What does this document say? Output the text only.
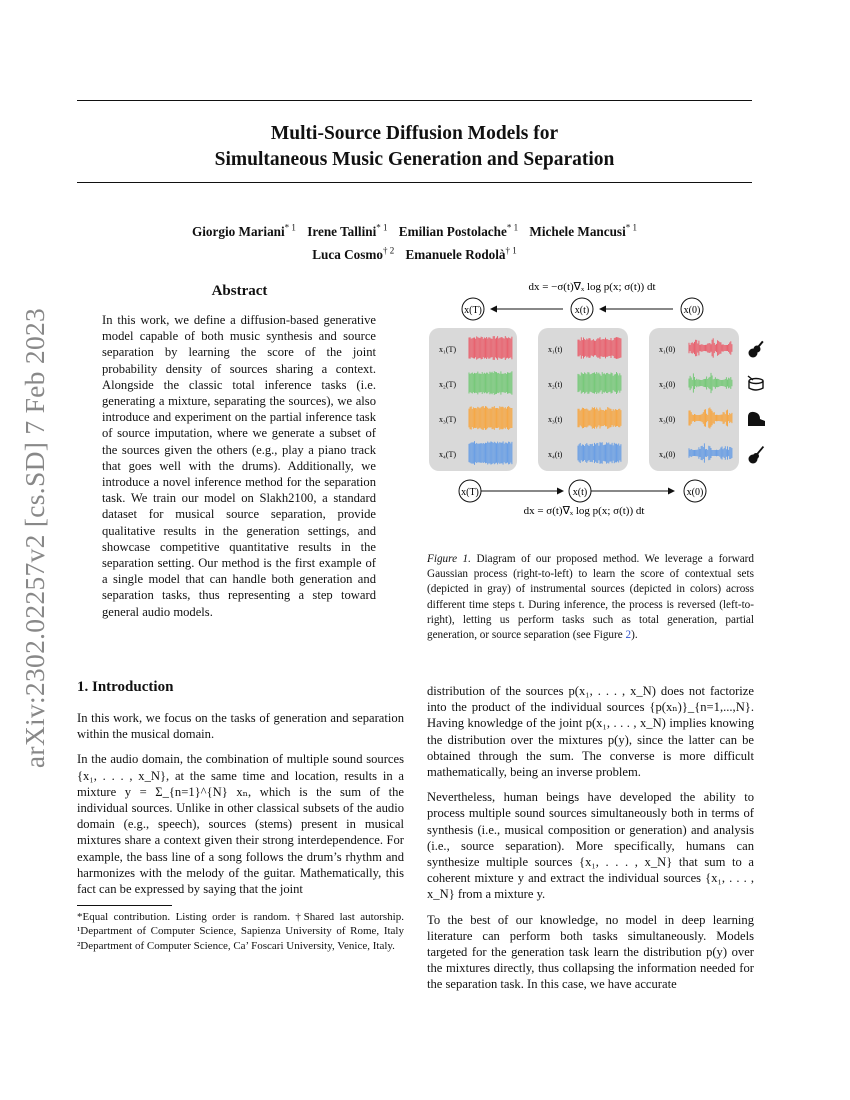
Multi-Source Diffusion Models for
Simultaneous Music Generation and Separation
Giorgio Mariani$^{* 1}$ Irene Tallini$^{* 1}$ Emilian Postolache$^{* 1}$ Michele Mancusi$^{* 1}$
Luca Cosmo$^{\dagger 2}$ Emanuele Rodolà$^{\dagger 1}$
arXiv:2302.02257v2 [cs.SD] 7 Feb 2023
Abstract
In this work, we define a diffusion-based generative model capable of both music synthesis and source separation by learning the score of the joint probability density of sources sharing a context. Alongside the classic total inference tasks (i.e. generating a mixture, separating the sources), we also introduce and experiment on the partial inference task of source imputation, where we generate a subset of the sources given the others (e.g., play a piano track that goes well with the drums). Additionally, we introduce a novel inference method for the separation task. We train our model on Slakh2100, a standard dataset for musical source separation, provide qualitative results in the generation settings, and showcase competitive quantitative results in the separation setting. Our method is the first example of a single model that can handle both generation and separation tasks, thus representing a step toward general audio models.
dx = −σ(t)∇ₓ log p(x; σ(t)) dt
x(T)	x(t)	x(0)
x₁(T)	x₁(t)	x₁(0)
x₂(T)	x₂(t)	x₂(0)
x₃(T)	x₃(t)	x₃(0)
x₄(T)	x₄(t)	x₄(0)
x(T)	x(t)	x(0)
dx = σ(t)∇ₓ log p(x; σ(t)) dt
Figure 1. Diagram of our proposed method. We leverage a forward Gaussian process (right-to-left) to learn the score of contextual sets (depicted in gray) of instrumental sources (depicted in colors) across different time steps t. During inference, the process is reversed (left-to-right), letting us perform tasks such as total generation, partial generation, or source separation (see Figure 2).
1. Introduction

In this work, we focus on the tasks of generation and separation within the musical domain.

In the audio domain, the combination of multiple sound sources {x₁, . . . , x_N}, at the same time and location, results in a mixture y = Σ_{n=1}^{N} xₙ, which is the sum of the individual sources. Unlike in other classical subsets of the audio domain (e.g., speech), sources (stems) present in musical mixtures share a context given their strong interdependence. For example, the bass line of a song follows the drum’s rhythm and harmonizes with the melody of the guitar. Mathematically, this fact can be expressed by saying that the joint

*Equal contribution. Listing order is random. †Shared last autorship. ¹Department of Computer Science, Sapienza University of Rome, Italy ²Department of Computer Science, Ca’ Foscari University, Venice, Italy.

distribution of the sources p(x₁, . . . , x_N) does not factorize into the product of the individual sources {p(xₙ)}_{n=1,...,N}. Having knowledge of the joint p(x₁, . . . , x_N) implies knowing the distribution over the mixtures p(y), since the latter can be obtained through the sum. The converse is more difficult mathematically, being an inverse problem.

Nevertheless, human beings have developed the ability to process multiple sound sources simultaneously both in terms of synthesis (i.e., musical composition or generation) and analysis (i.e., source separation). More specifically, humans can synthesize multiple sources {x₁, . . . , x_N} that sum to a coherent mixture y and extract the individual sources {x₁, . . . , x_N} from a mixture y.

To the best of our knowledge, no model in deep learning literature can perform both tasks simultaneously. Models targeted for the generation task learn the distribution p(y) over the mixtures directly, thus collapsing the information needed for the separation task. In this case, we have accurate
